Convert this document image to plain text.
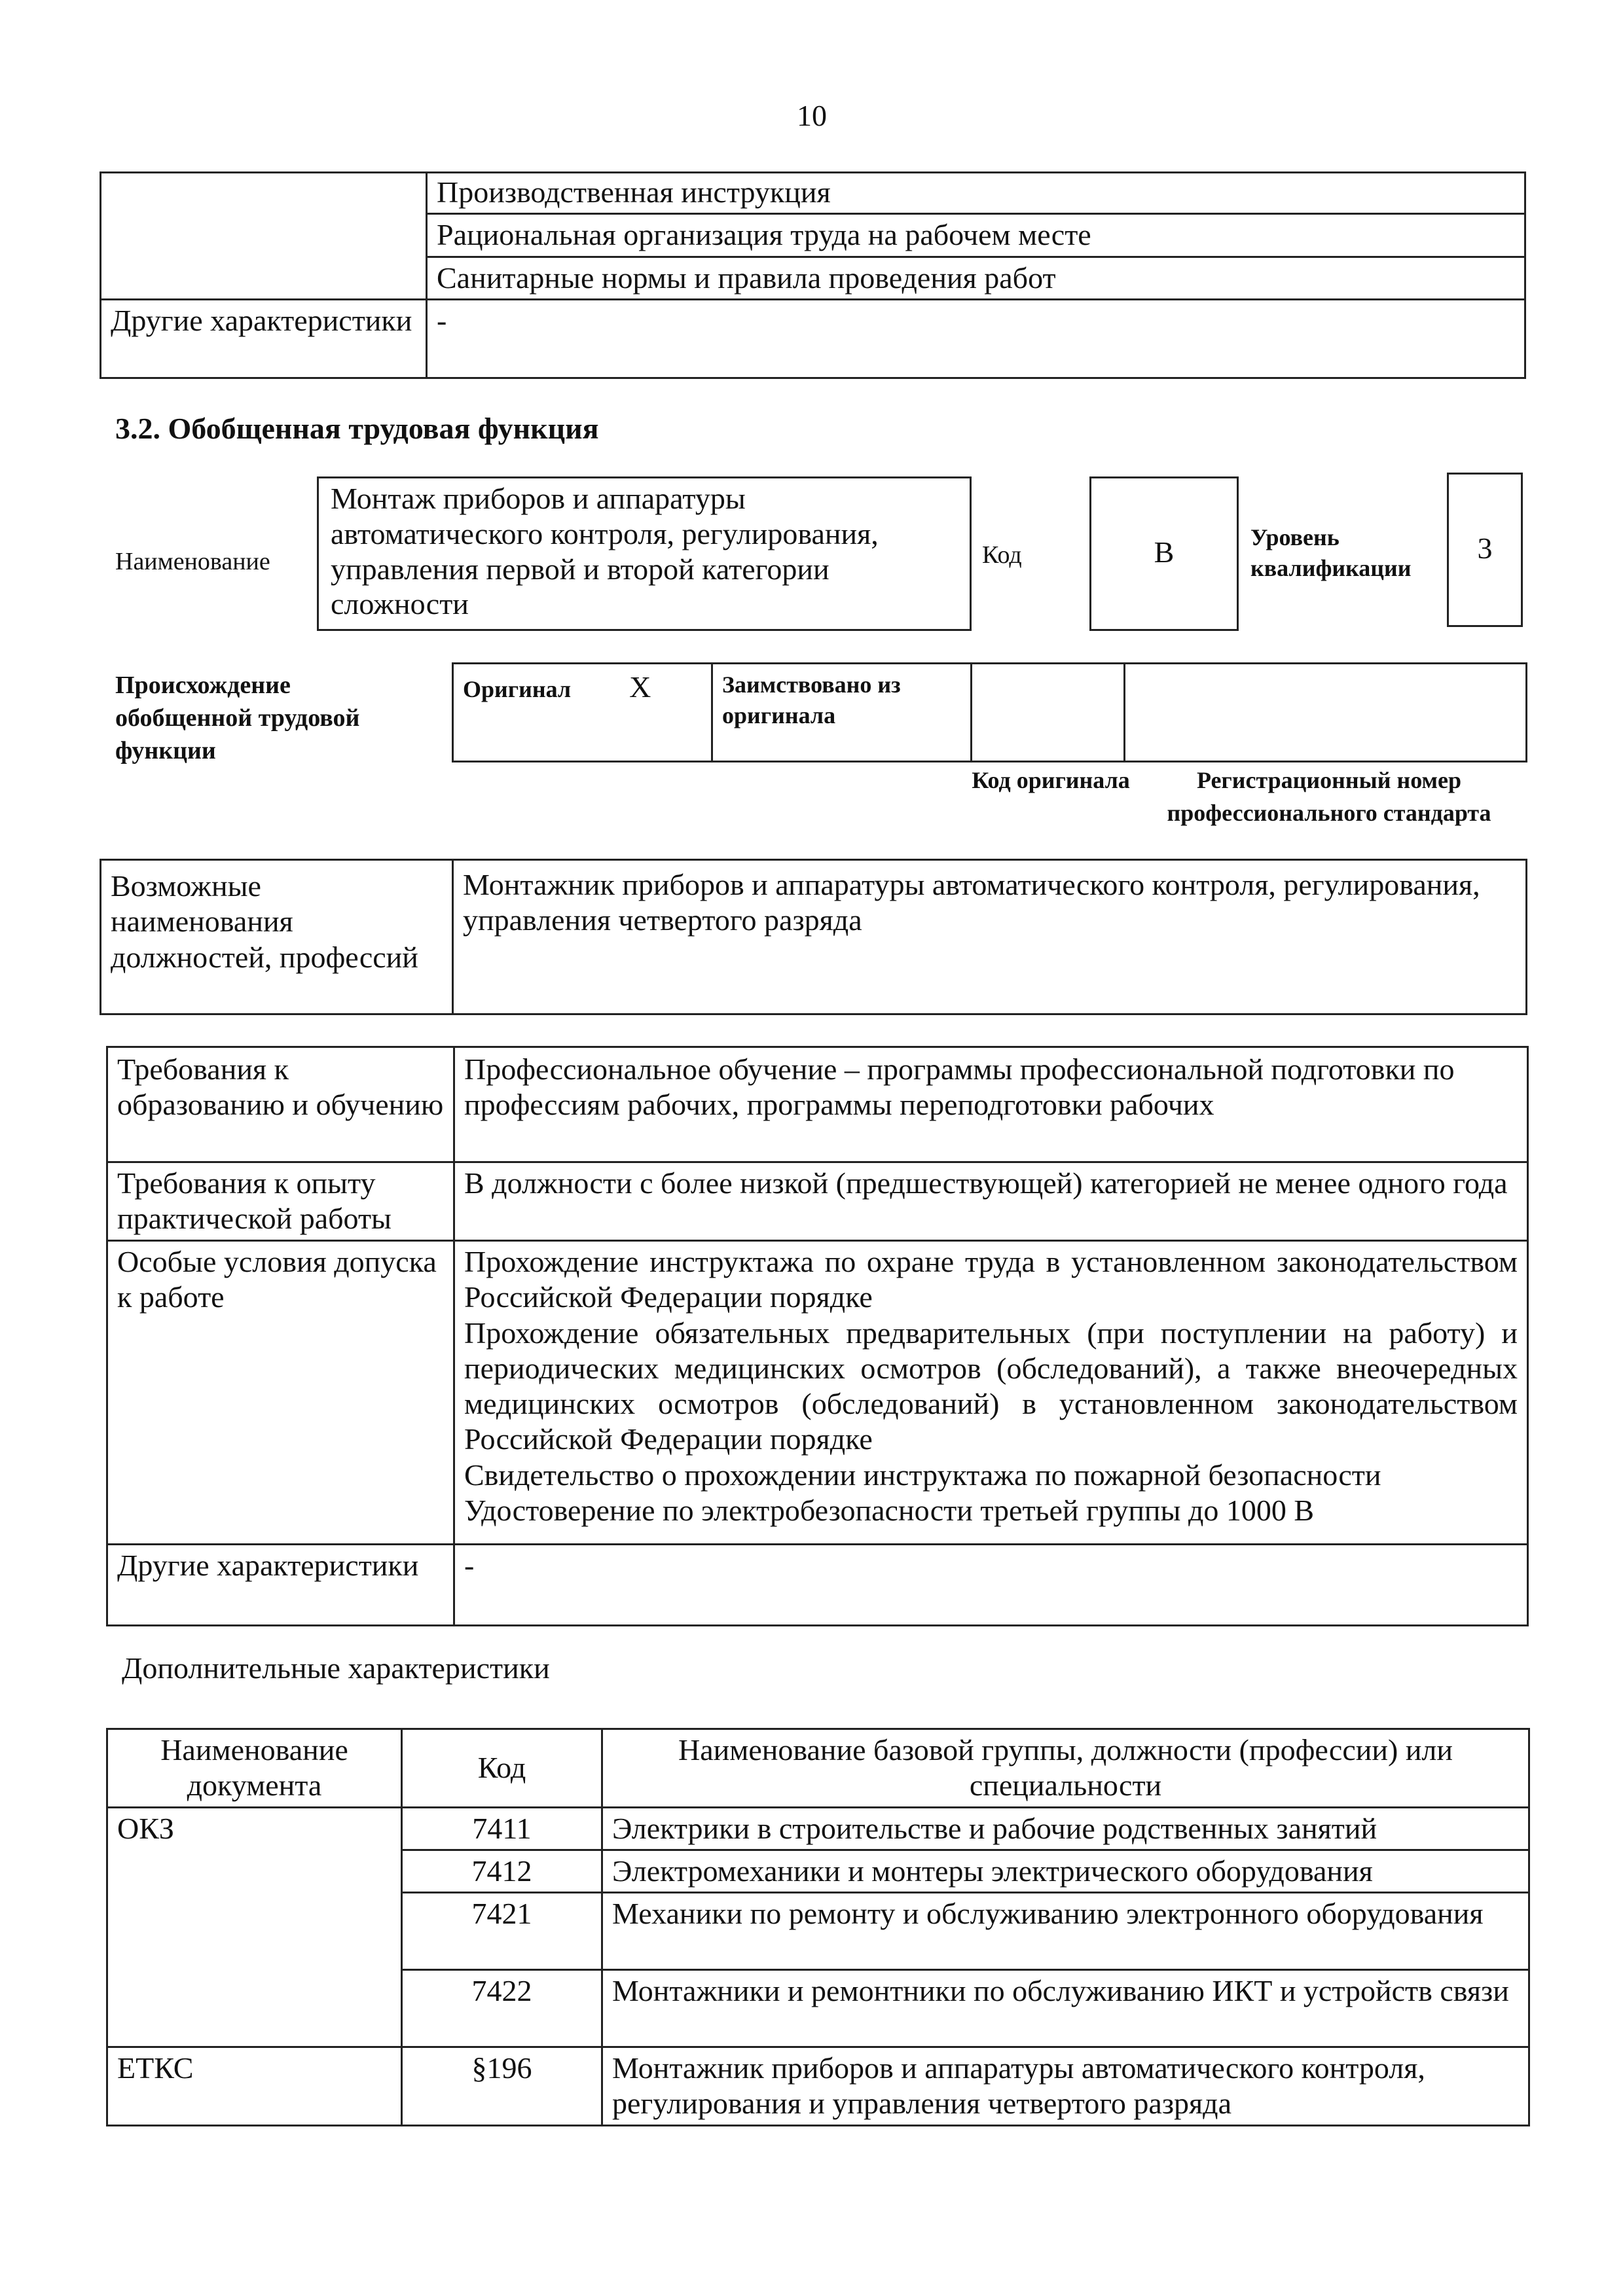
10
	Производственная инструкция
	Рациональная организация труда на рабочем месте
	Санитарные нормы и правила проведения работ
Другие характеристики	-
3.2. Обобщенная трудовая функция
Наименование
Монтаж приборов и аппаратуры автоматического контроля, регулирования, управления первой и второй категории сложности
Код	B	Уровень квалификации
3
Происхождение обобщенной трудовой функции
Оригинал X	Заимствовано из оригинала		
Код оригинала	Регистрационный номер профессионального стандарта
Возможные наименования должностей, профессий	Монтажник приборов и аппаратуры автоматического контроля, регулирования, управления четвертого разряда
Требования к образованию и обучению	Профессиональное обучение – программы профессиональной подготовки по профессиям рабочих, программы переподготовки рабочих
Требования к опыту практической работы	В должности с более низкой (предшествующей) категорией не менее одного года
Особые условия допуска к работе	Прохождение инструктажа по охране труда в установленном законодательством Российской Федерации порядке

Прохождение обязательных предварительных (при поступлении на работу) и периодических медицинских осмотров (обследований), а также внеочередных медицинских осмотров (обследований) в установленном законодательством Российской Федерации порядке

Свидетельство о прохождении инструктажа по пожарной безопасности

Удостоверение по электробезопасности третьей группы до 1000 В

Другие характеристики	-
Дополнительные характеристики
Наименование документа	Код	Наименование базовой группы, должности (профессии) или специальности
ОКЗ	7411	Электрики в строительстве и рабочие родственных занятий
	7412	Электромеханики и монтеры электрического оборудования
	7421	Механики по ремонту и обслуживанию электронного оборудования
	7422	Монтажники и ремонтники по обслуживанию ИКТ и устройств связи
ЕТКС	§196	Монтажник приборов и аппаратуры автоматического контроля, регулирования и управления четвертого разряда
